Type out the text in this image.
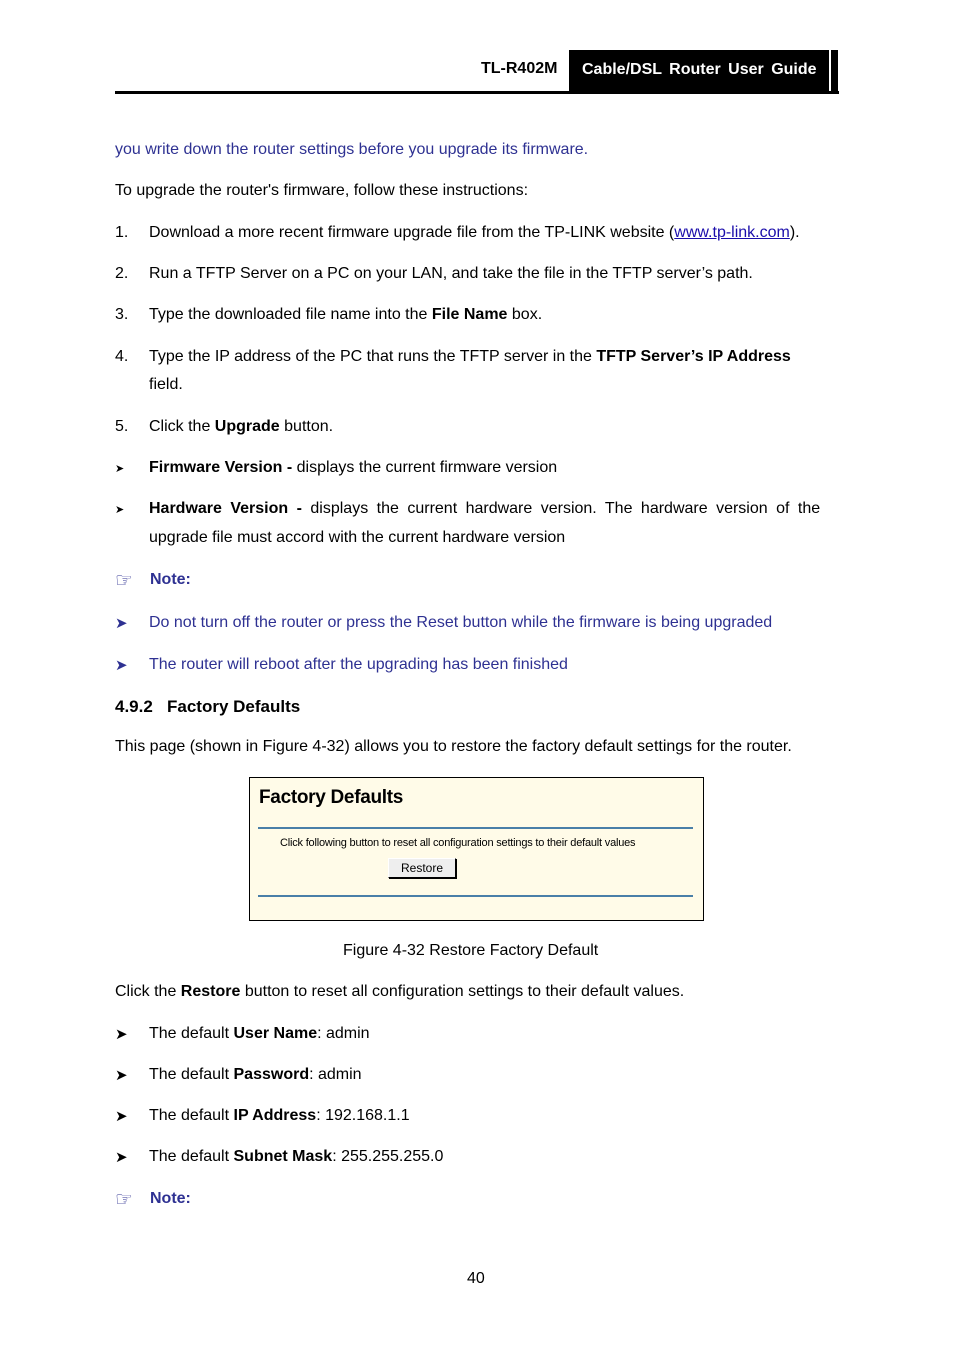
TL-R402M Cable/DSL Router User Guide
you write down the router settings before you upgrade its firmware.
To upgrade the router's firmware, follow these instructions:
1. Download a more recent firmware upgrade file from the TP-LINK website (www.tp-link.com).
2. Run a TFTP Server on a PC on your LAN, and take the file in the TFTP server’s path.
3. Type the downloaded file name into the File Name box.
4. Type the IP address of the PC that runs the TFTP server in the TFTP Server’s IP Address
field.
5. Click the Upgrade button.
➤ Firmware Version - displays the current firmware version
➤ Hardware Version - displays the current hardware version. The hardware version of the
upgrade file must accord with the current hardware version
☞ Note:
➤ Do not turn off the router or press the Reset button while the firmware is being upgraded
➤ The router will reboot after the upgrading has been finished
4.9.2 Factory Defaults
This page (shown in Figure 4-32) allows you to restore the factory default settings for the router.
Factory Defaults
Click following button to reset all configuration settings to their default values
Restore
Figure 4-32 Restore Factory Default
Click the Restore button to reset all configuration settings to their default values.
➤ The default User Name: admin
➤ The default Password: admin
➤ The default IP Address: 192.168.1.1
➤ The default Subnet Mask: 255.255.255.0
☞ Note:
40
